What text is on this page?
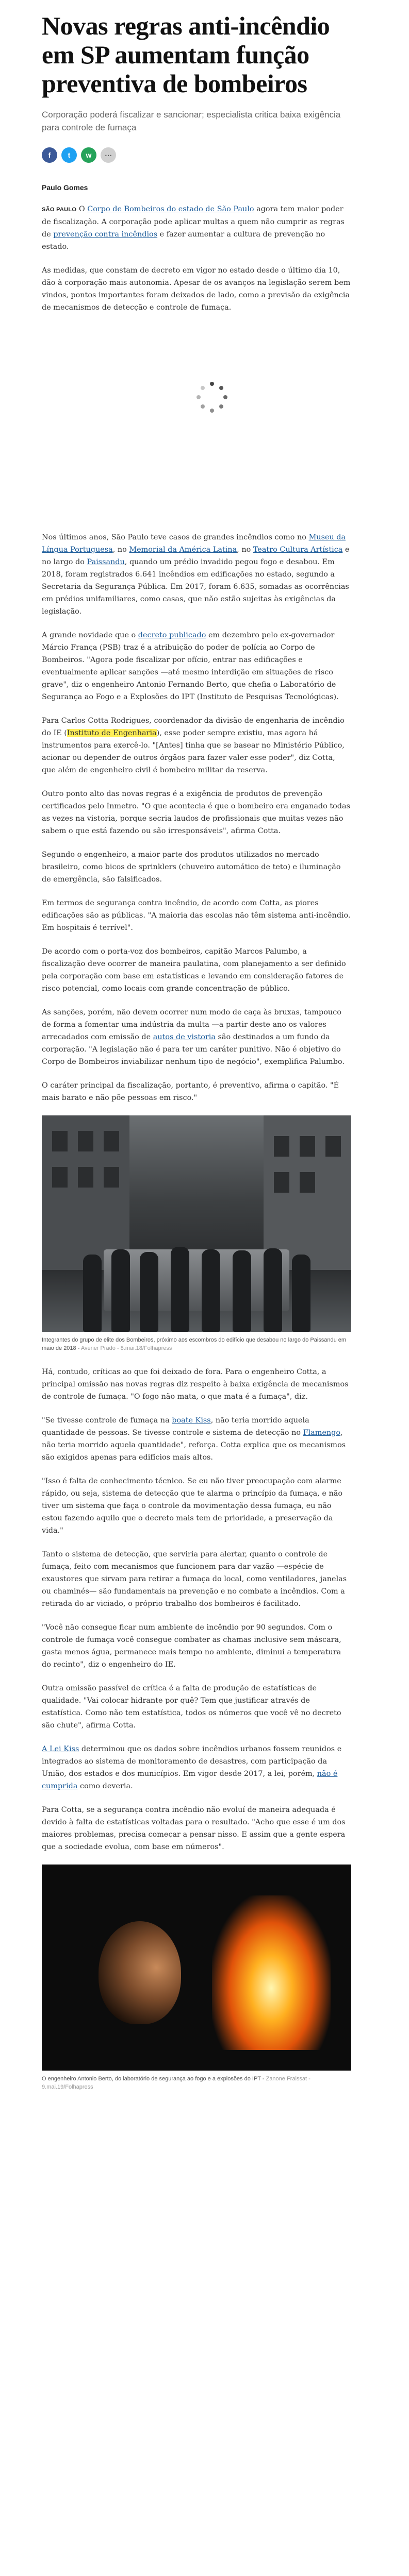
Novas regras anti-incêndio em SP aumentam função preventiva de bombeiros

Corporação poderá fiscalizar e sancionar; especialista critica baixa exigência para controle de fumaça

f	t	w	⋯
Paulo Gomes

SÃO PAULO O Corpo de Bombeiros do estado de São Paulo agora tem maior poder de fiscalização. A corporação pode aplicar multas a quem não cumprir as regras de prevenção contra incêndios e fazer aumentar a cultura de prevenção no estado.

As medidas, que constam de decreto em vigor no estado desde o último dia 10, dão à corporação mais autonomia. Apesar de os avanços na legislação serem bem vindos, pontos importantes foram deixados de lado, como a previsão da exigência de mecanismos de detecção e controle de fumaça.

Nos últimos anos, São Paulo teve casos de grandes incêndios como no Museu da Língua Portuguesa, no Memorial da América Latina, no Teatro Cultura Artística e no largo do Paissandu, quando um prédio invadido pegou fogo e desabou. Em 2018, foram registrados 6.641 incêndios em edificações no estado, segundo a Secretaria da Segurança Pública. Em 2017, foram 6.635, somadas as ocorrências em prédios unifamiliares, como casas, que não estão sujeitas às exigências da legislação.

A grande novidade que o decreto publicado em dezembro pelo ex-governador Márcio França (PSB) traz é a atribuição do poder de polícia ao Corpo de Bombeiros. "Agora pode fiscalizar por ofício, entrar nas edificações e eventualmente aplicar sanções —até mesmo interdição em situações de risco grave", diz o engenheiro Antonio Fernando Berto, que chefia o Laboratório de Segurança ao Fogo e a Explosões do IPT (Instituto de Pesquisas Tecnológicas).

Para Carlos Cotta Rodrigues, coordenador da divisão de engenharia de incêndio do IE (Instituto de Engenharia), esse poder sempre existiu, mas agora há instrumentos para exercê-lo. "[Antes] tinha que se basear no Ministério Público, acionar ou depender de outros órgãos para fazer valer esse poder", diz Cotta, que além de engenheiro civil é bombeiro militar da reserva.

Outro ponto alto das novas regras é a exigência de produtos de prevenção certificados pelo Inmetro. "O que acontecia é que o bombeiro era enganado todas as vezes na vistoria, porque secria laudos de profissionais que muitas vezes não sabem o que está fazendo ou são irresponsáveis", afirma Cotta.

Segundo o engenheiro, a maior parte dos produtos utilizados no mercado brasileiro, como bicos de sprinklers (chuveiro automático de teto) e iluminação de emergência, são falsificados.

Em termos de segurança contra incêndio, de acordo com Cotta, as piores edificações são as públicas. "A maioria das escolas não têm sistema anti-incêndio. Em hospitais é terrível".

De acordo com o porta-voz dos bombeiros, capitão Marcos Palumbo, a fiscalização deve ocorrer de maneira paulatina, com planejamento a ser definido pela corporação com base em estatísticas e levando em consideração fatores de risco potencial, como locais com grande concentração de público.

As sanções, porém, não devem ocorrer num modo de caça às bruxas, tampouco de forma a fomentar uma indústria da multa —a partir deste ano os valores arrecadados com emissão de autos de vistoria são destinados a um fundo da corporação. "A legislação não é para ter um caráter punitivo. Não é objetivo do Corpo de Bombeiros inviabilizar nenhum tipo de negócio", exemplifica Palumbo.

O caráter principal da fiscalização, portanto, é preventivo, afirma o capitão. "É mais barato e não põe pessoas em risco."

Integrantes do grupo de elite dos Bombeiros, próximo aos escombros do edifício que desabou no largo do Paissandu em maio de 2018 - Avener Prado - 8.mai.18/Folhapress

Há, contudo, críticas ao que foi deixado de fora. Para o engenheiro Cotta, a principal omissão nas novas regras diz respeito à baixa exigência de mecanismos de controle de fumaça. "O fogo não mata, o que mata é a fumaça", diz.

"Se tivesse controle de fumaça na boate Kiss, não teria morrido aquela quantidade de pessoas. Se tivesse controle e sistema de detecção no Flamengo, não teria morrido aquela quantidade", reforça. Cotta explica que os mecanismos são exigidos apenas para edifícios mais altos.

"Isso é falta de conhecimento técnico. Se eu não tiver preocupação com alarme rápido, ou seja, sistema de detecção que te alarma o princípio da fumaça, e não tiver um sistema que faça o controle da movimentação dessa fumaça, eu não estou fazendo aquilo que o decreto mais tem de prioridade, a preservação da vida."

Tanto o sistema de detecção, que serviria para alertar, quanto o controle de fumaça, feito com mecanismos que funcionem para dar vazão —espécie de exaustores que sirvam para retirar a fumaça do local, como ventiladores, janelas ou chaminés— são fundamentais na prevenção e no combate a incêndios. Com a retirada do ar viciado, o próprio trabalho dos bombeiros é facilitado.

"Você não consegue ficar num ambiente de incêndio por 90 segundos. Com o controle de fumaça você consegue combater as chamas inclusive sem máscara, gasta menos água, permanece mais tempo no ambiente, diminui a temperatura do recinto", diz o engenheiro do IE.

Outra omissão passível de crítica é a falta de produção de estatísticas de qualidade. "Vai colocar hidrante por quê? Tem que justificar através de estatística. Como não tem estatística, todos os números que você vê no decreto são chute", afirma Cotta.

A Lei Kiss determinou que os dados sobre incêndios urbanos fossem reunidos e integrados ao sistema de monitoramento de desastres, com participação da União, dos estados e dos municípios. Em vigor desde 2017, a lei, porém, não é cumprida como deveria.

Para Cotta, se a segurança contra incêndio não evoluí de maneira adequada é devido à falta de estatísticas voltadas para o resultado. "Acho que esse é um dos maiores problemas, precisa começar a pensar nisso. E assim que a gente espera que a sociedade evolua, com base em números".

O engenheiro Antonio Berto, do laboratório de segurança ao fogo e a explosões do IPT - Zanone Fraissat - 9.mai.19/Folhapress
